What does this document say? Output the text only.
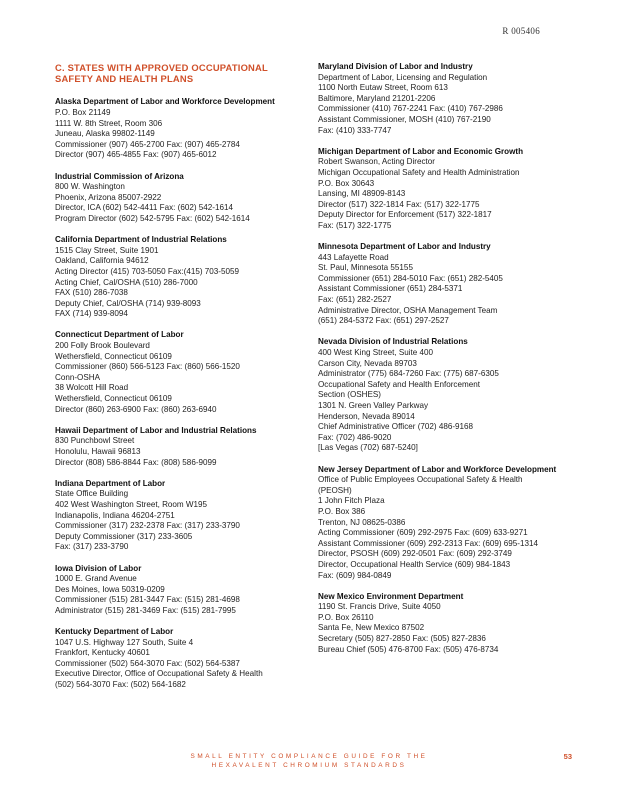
R 005406
C. STATES WITH APPROVED OCCUPATIONAL SAFETY AND HEALTH PLANS
Alaska Department of Labor and Workforce Development
P.O. Box 21149
1111 W. 8th Street, Room 306
Juneau, Alaska 99802-1149
Commissioner (907) 465-2700 Fax: (907) 465-2784
Director (907) 465-4855 Fax: (907) 465-6012
Industrial Commission of Arizona
800 W. Washington
Phoenix, Arizona 85007-2922
Director, ICA (602) 542-4411 Fax: (602) 542-1614
Program Director (602) 542-5795 Fax: (602) 542-1614
California Department of Industrial Relations
1515 Clay Street, Suite 1901
Oakland, California 94612
Acting Director (415) 703-5050 Fax:(415) 703-5059
Acting Chief, Cal/OSHA (510) 286-7000
FAX (510) 286-7038
Deputy Chief, Cal/OSHA (714) 939-8093
FAX (714) 939-8094
Connecticut Department of Labor
200 Folly Brook Boulevard
Wethersfield, Connecticut 06109
Commissioner (860) 566-5123 Fax: (860) 566-1520
Conn-OSHA
38 Wolcott Hill Road
Wethersfield, Connecticut 06109
Director (860) 263-6900 Fax: (860) 263-6940
Hawaii Department of Labor and Industrial Relations
830 Punchbowl Street
Honolulu, Hawaii 96813
Director (808) 586-8844 Fax: (808) 586-9099
Indiana Department of Labor
State Office Building
402 West Washington Street, Room W195
Indianapolis, Indiana 46204-2751
Commissioner (317) 232-2378 Fax: (317) 233-3790
Deputy Commissioner (317) 233-3605
Fax: (317) 233-3790
Iowa Division of Labor
1000 E. Grand Avenue
Des Moines, Iowa 50319-0209
Commissioner (515) 281-3447 Fax: (515) 281-4698
Administrator (515) 281-3469 Fax: (515) 281-7995
Kentucky Department of Labor
1047 U.S. Highway 127 South, Suite 4
Frankfort, Kentucky 40601
Commissioner (502) 564-3070 Fax: (502) 564-5387
Executive Director, Office of Occupational Safety & Health
(502) 564-3070 Fax: (502) 564-1682
Maryland Division of Labor and Industry
Department of Labor, Licensing and Regulation
1100 North Eutaw Street, Room 613
Baltimore, Maryland 21201-2206
Commissioner (410) 767-2241 Fax: (410) 767-2986
Assistant Commissioner, MOSH (410) 767-2190
Fax: (410) 333-7747
Michigan Department of Labor and Economic Growth
Robert Swanson, Acting Director
Michigan Occupational Safety and Health Administration
P.O. Box 30643
Lansing, MI 48909-8143
Director (517) 322-1814 Fax: (517) 322-1775
Deputy Director for Enforcement (517) 322-1817
Fax: (517) 322-1775
Minnesota Department of Labor and Industry
443 Lafayette Road
St. Paul, Minnesota 55155
Commissioner (651) 284-5010 Fax: (651) 282-5405
Assistant Commissioner (651) 284-5371
Fax: (651) 282-2527
Administrative Director, OSHA Management Team
(651) 284-5372 Fax: (651) 297-2527
Nevada Division of Industrial Relations
400 West King Street, Suite 400
Carson City, Nevada 89703
Administrator (775) 684-7260 Fax: (775) 687-6305
Occupational Safety and Health Enforcement
Section (OSHES)
1301 N. Green Valley Parkway
Henderson, Nevada 89014
Chief Administrative Officer (702) 486-9168
Fax: (702) 486-9020
[Las Vegas (702) 687-5240]
New Jersey Department of Labor and Workforce Development
Office of Public Employees Occupational Safety & Health
(PEOSH)
1 John Fitch Plaza
P.O. Box 386
Trenton, NJ 08625-0386
Acting Commissioner (609) 292-2975 Fax: (609) 633-9271
Assistant Commissioner (609) 292-2313 Fax: (609) 695-1314
Director, PSOSH (609) 292-0501 Fax: (609) 292-3749
Director, Occupational Health Service (609) 984-1843
Fax: (609) 984-0849
New Mexico Environment Department
1190 St. Francis Drive, Suite 4050
P.O. Box 26110
Santa Fe, New Mexico 87502
Secretary (505) 827-2850 Fax: (505) 827-2836
Bureau Chief (505) 476-8700 Fax: (505) 476-8734
SMALL ENTITY COMPLIANCE GUIDE FOR THE
HEXAVALENT CHROMIUM STANDARDS
53
